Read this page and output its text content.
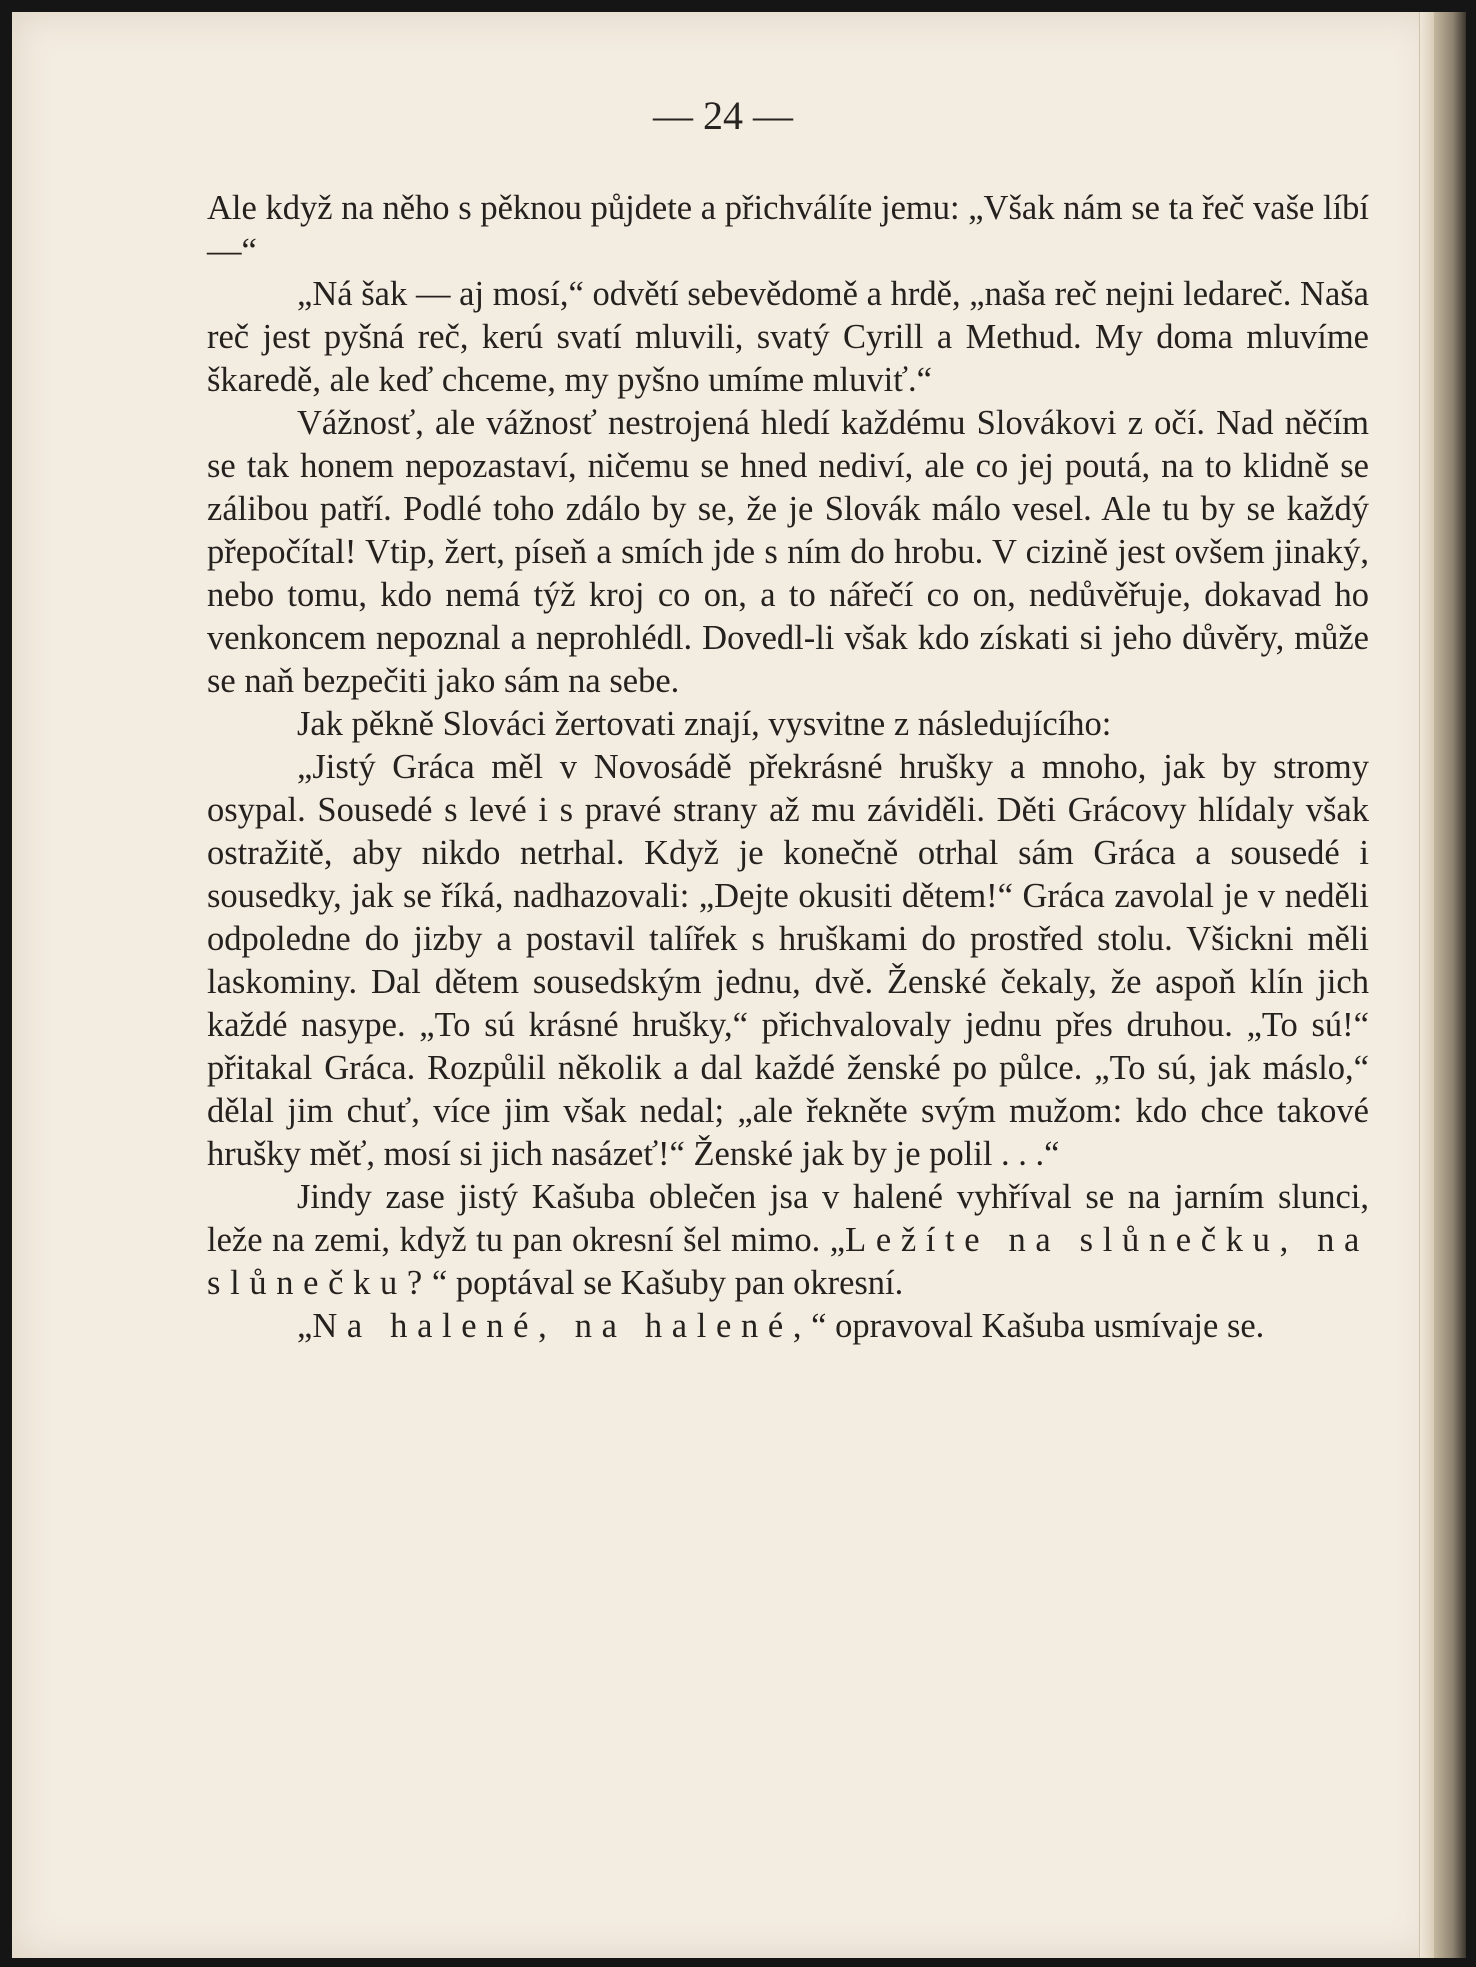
— 24 —

Ale když na něho s pěknou půjdete a přichválíte jemu: „Však nám se ta řeč vaše líbí —“

„Ná šak — aj mosí,“ odvětí sebevědomě a hrdě, „naša reč nejni ledareč. Naša reč jest pyšná reč, kerú svatí mluvili, svatý Cyrill a Methud. My doma mluvíme škaredě, ale keď chceme, my pyšno umíme mluviť.“

Vážnosť, ale vážnosť nestrojená hledí každému Slovákovi z očí. Nad něčím se tak honem nepozastaví, ničemu se hned nediví, ale co jej poutá, na to klidně se zálibou patří. Podlé toho zdálo by se, že je Slovák málo vesel. Ale tu by se každý přepočítal! Vtip, žert, píseň a smích jde s ním do hrobu. V cizině jest ovšem jinaký, nebo tomu, kdo nemá týž kroj co on, a to nářečí co on, nedůvěřuje, dokavad ho venkoncem nepoznal a neprohlédl. Dovedl-li však kdo získati si jeho důvěry, může se naň bezpečiti jako sám na sebe.

Jak pěkně Slováci žertovati znají, vysvitne z následujícího:

„Jistý Gráca měl v Novosádě překrásné hrušky a mnoho, jak by stromy osypal. Sousedé s levé i s pravé strany až mu záviděli. Děti Grácovy hlídaly však ostražitě, aby nikdo netrhal. Když je konečně otrhal sám Gráca a sousedé i sousedky, jak se říká, nadhazovali: „Dejte okusiti dětem!“ Gráca zavolal je v neděli odpoledne do jizby a postavil talířek s hruškami do prostřed stolu. Všickni měli laskominy. Dal dětem sousedským jednu, dvě. Ženské čekaly, že aspoň klín jich každé nasype. „To sú krásné hrušky,“ přichvalovaly jednu přes druhou. „To sú!“ přitakal Gráca. Rozpůlil několik a dal každé ženské po půlce. „To sú, jak máslo,“ dělal jim chuť, více jim však nedal; „ale řekněte svým mužom: kdo chce takové hrušky měť, mosí si jich nasázeť!“ Ženské jak by je polil . . .“

Jindy zase jistý Kašuba oblečen jsa v halené vyhříval se na jarním slunci, leže na zemi, když tu pan okresní šel mimo. „Ležíte na slůnečku, na slůnečku?“ poptával se Kašuby pan okresní.

„Na halené, na halené,“ opravoval Kašuba usmívaje se.
